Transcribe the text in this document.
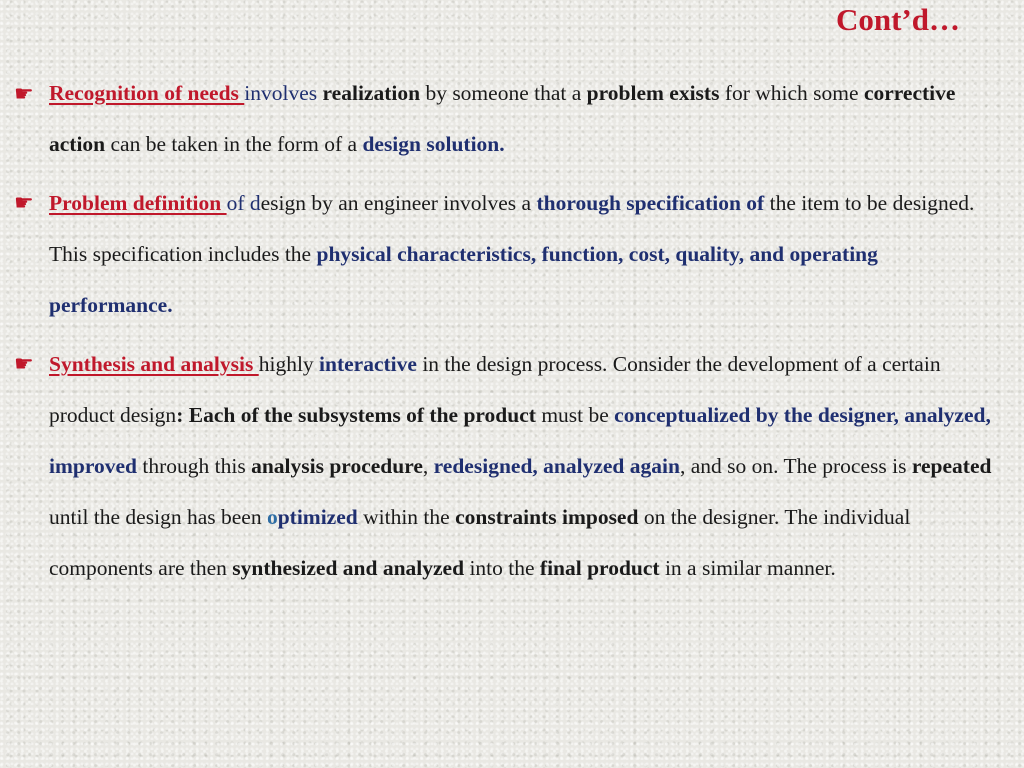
Cont’d…
☛ Recognition of needs involves realization by someone that a problem exists for which some corrective action can be taken in the form of a design solution.

☛ Problem definition of design by an engineer involves a thorough specification of the item to be designed. This specification includes the physical characteristics, function, cost, quality, and operating performance.

☛ Synthesis and analysis highly interactive in the design process. Consider the development of a certain product design: Each of the subsystems of the product must be conceptualized by the designer, analyzed, improved through this analysis procedure, redesigned, analyzed again, and so on. The process is repeated until the design has been optimized within the constraints imposed on the designer. The individual components are then synthesized and analyzed into the final product in a similar manner.
